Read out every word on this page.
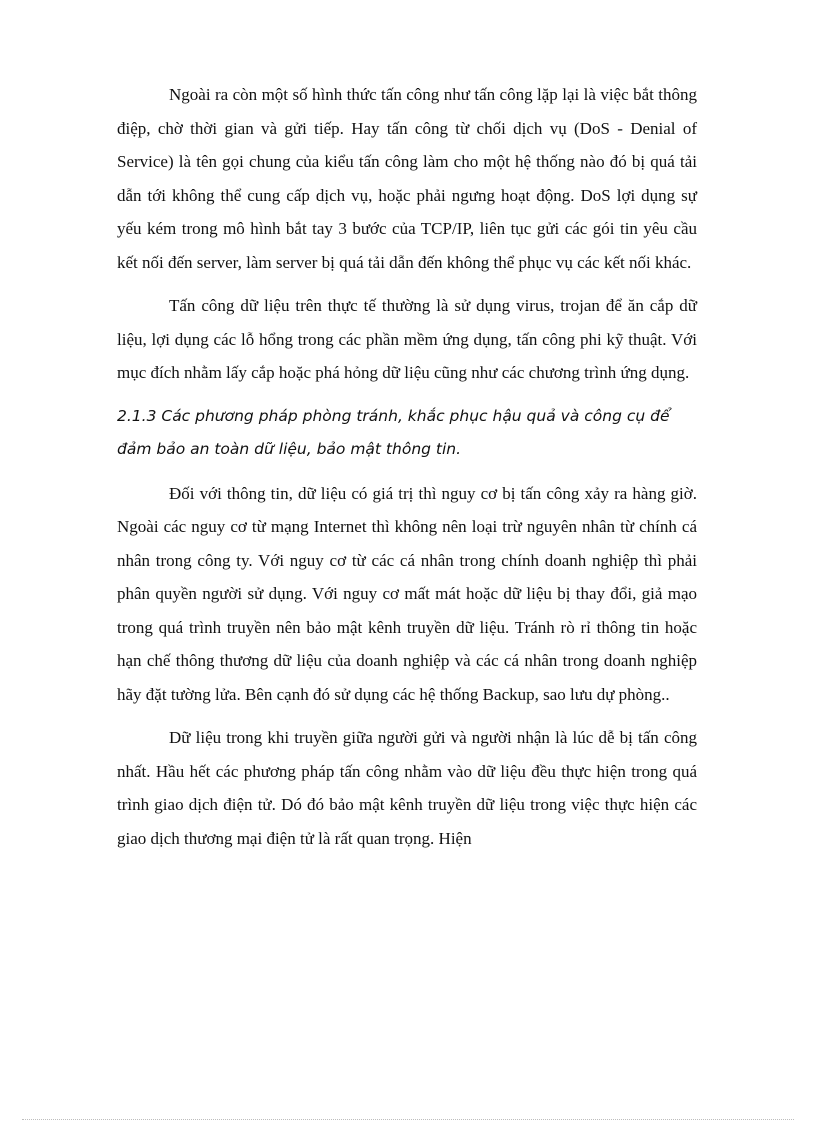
Ngoài ra còn một số hình thức tấn công như tấn công lặp lại là việc bắt thông điệp, chờ thời gian và gửi tiếp. Hay tấn công từ chối dịch vụ (DoS - Denial of Service) là tên gọi chung của kiểu tấn công làm cho một hệ thống nào đó bị quá tải dẫn tới không thể cung cấp dịch vụ, hoặc phải ngưng hoạt động. DoS lợi dụng sự yếu kém trong mô hình bắt tay 3 bước của TCP/IP, liên tục gửi các gói tin yêu cầu kết nối đến server, làm server bị quá tải dẫn đến không thể phục vụ các kết nối khác.

Tấn công dữ liệu trên thực tế thường là sử dụng virus, trojan để ăn cắp dữ liệu, lợi dụng các lỗ hổng trong các phần mềm ứng dụng, tấn công phi kỹ thuật. Với mục đích nhằm lấy cắp hoặc phá hỏng dữ liệu cũng như các chương trình ứng dụng.

2.1.3 Các phương pháp phòng tránh, khắc phục hậu quả và công cụ để đảm bảo an toàn dữ liệu, bảo mật thông tin.

Đối với thông tin, dữ liệu có giá trị thì nguy cơ bị tấn công xảy ra hàng giờ. Ngoài các nguy cơ từ mạng Internet thì không nên loại trừ nguyên nhân từ chính cá nhân trong công ty. Với nguy cơ từ các cá nhân trong chính doanh nghiệp thì phải phân quyền người sử dụng. Với nguy cơ mất mát hoặc dữ liệu bị thay đổi, giả mạo trong quá trình truyền nên bảo mật kênh truyền dữ liệu. Tránh rò rỉ thông tin hoặc hạn chế thông thương dữ liệu của doanh nghiệp và các cá nhân trong doanh nghiệp hãy đặt tường lửa. Bên cạnh đó sử dụng các hệ thống Backup, sao lưu dự phòng..

Dữ liệu trong khi truyền giữa người gửi và người nhận là lúc dễ bị tấn công nhất. Hầu hết các phương pháp tấn công nhằm vào dữ liệu đều thực hiện trong quá trình giao dịch điện tử. Dó đó bảo mật kênh truyền dữ liệu trong việc thực hiện các giao dịch thương mại điện tử là rất quan trọng. Hiện
